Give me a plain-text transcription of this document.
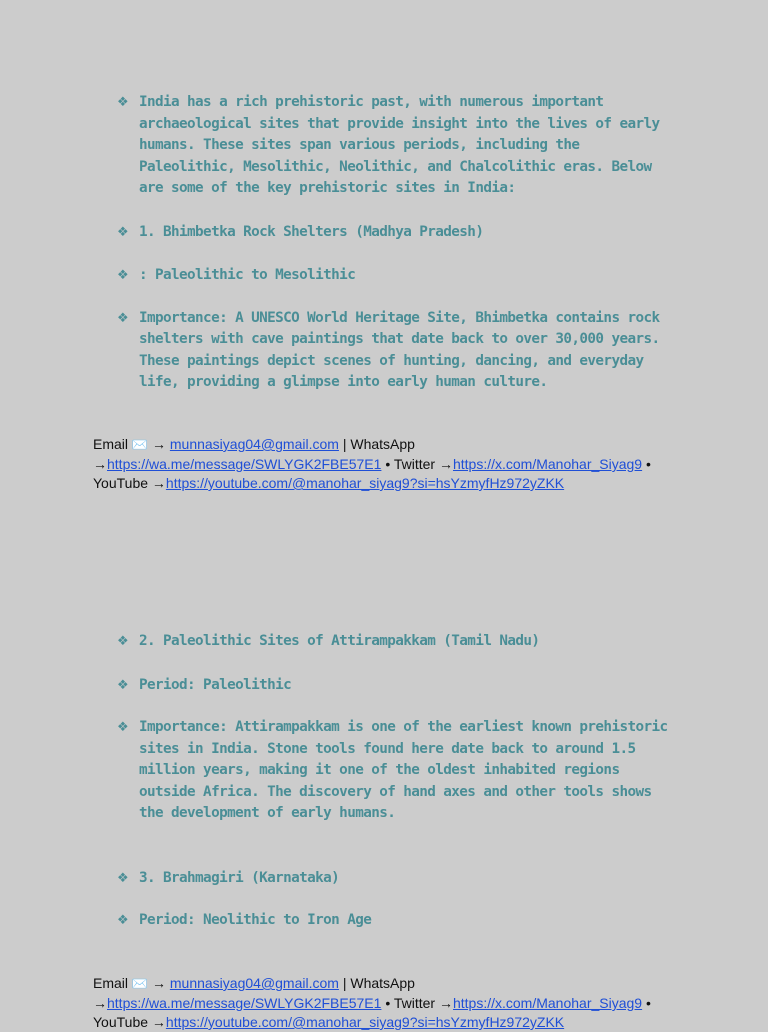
❖ India has a rich prehistoric past, with numerous important archaeological sites that provide insight into the lives of early humans. These sites span various periods, including the Paleolithic, Mesolithic, Neolithic, and Chalcolithic eras. Below are some of the key prehistoric sites in India:
❖ 1. Bhimbetka Rock Shelters (Madhya Pradesh)
❖ : Paleolithic to Mesolithic
❖ Importance: A UNESCO World Heritage Site, Bhimbetka contains rock shelters with cave paintings that date back to over 30,000 years. These paintings depict scenes of hunting, dancing, and everyday life, providing a glimpse into early human culture.
Email ✉️ → munnasiyag04@gmail.com | WhatsApp
→https://wa.me/message/SWLYGK2FBE57E1 • Twitter →https://x.com/Manohar_Siyag9 •
YouTube →https://youtube.com/@manohar_siyag9?si=hsYzmyfHz972yZKK
❖ 2. Paleolithic Sites of Attirampakkam (Tamil Nadu)
❖ Period: Paleolithic
❖ Importance: Attirampakkam is one of the earliest known prehistoric sites in India. Stone tools found here date back to around 1.5 million years, making it one of the oldest inhabited regions outside Africa. The discovery of hand axes and other tools shows the development of early humans.
❖ 3. Brahmagiri (Karnataka)
❖ Period: Neolithic to Iron Age
Email ✉️ → munnasiyag04@gmail.com | WhatsApp
→https://wa.me/message/SWLYGK2FBE57E1 • Twitter →https://x.com/Manohar_Siyag9 •
YouTube →https://youtube.com/@manohar_siyag9?si=hsYzmyfHz972yZKK
